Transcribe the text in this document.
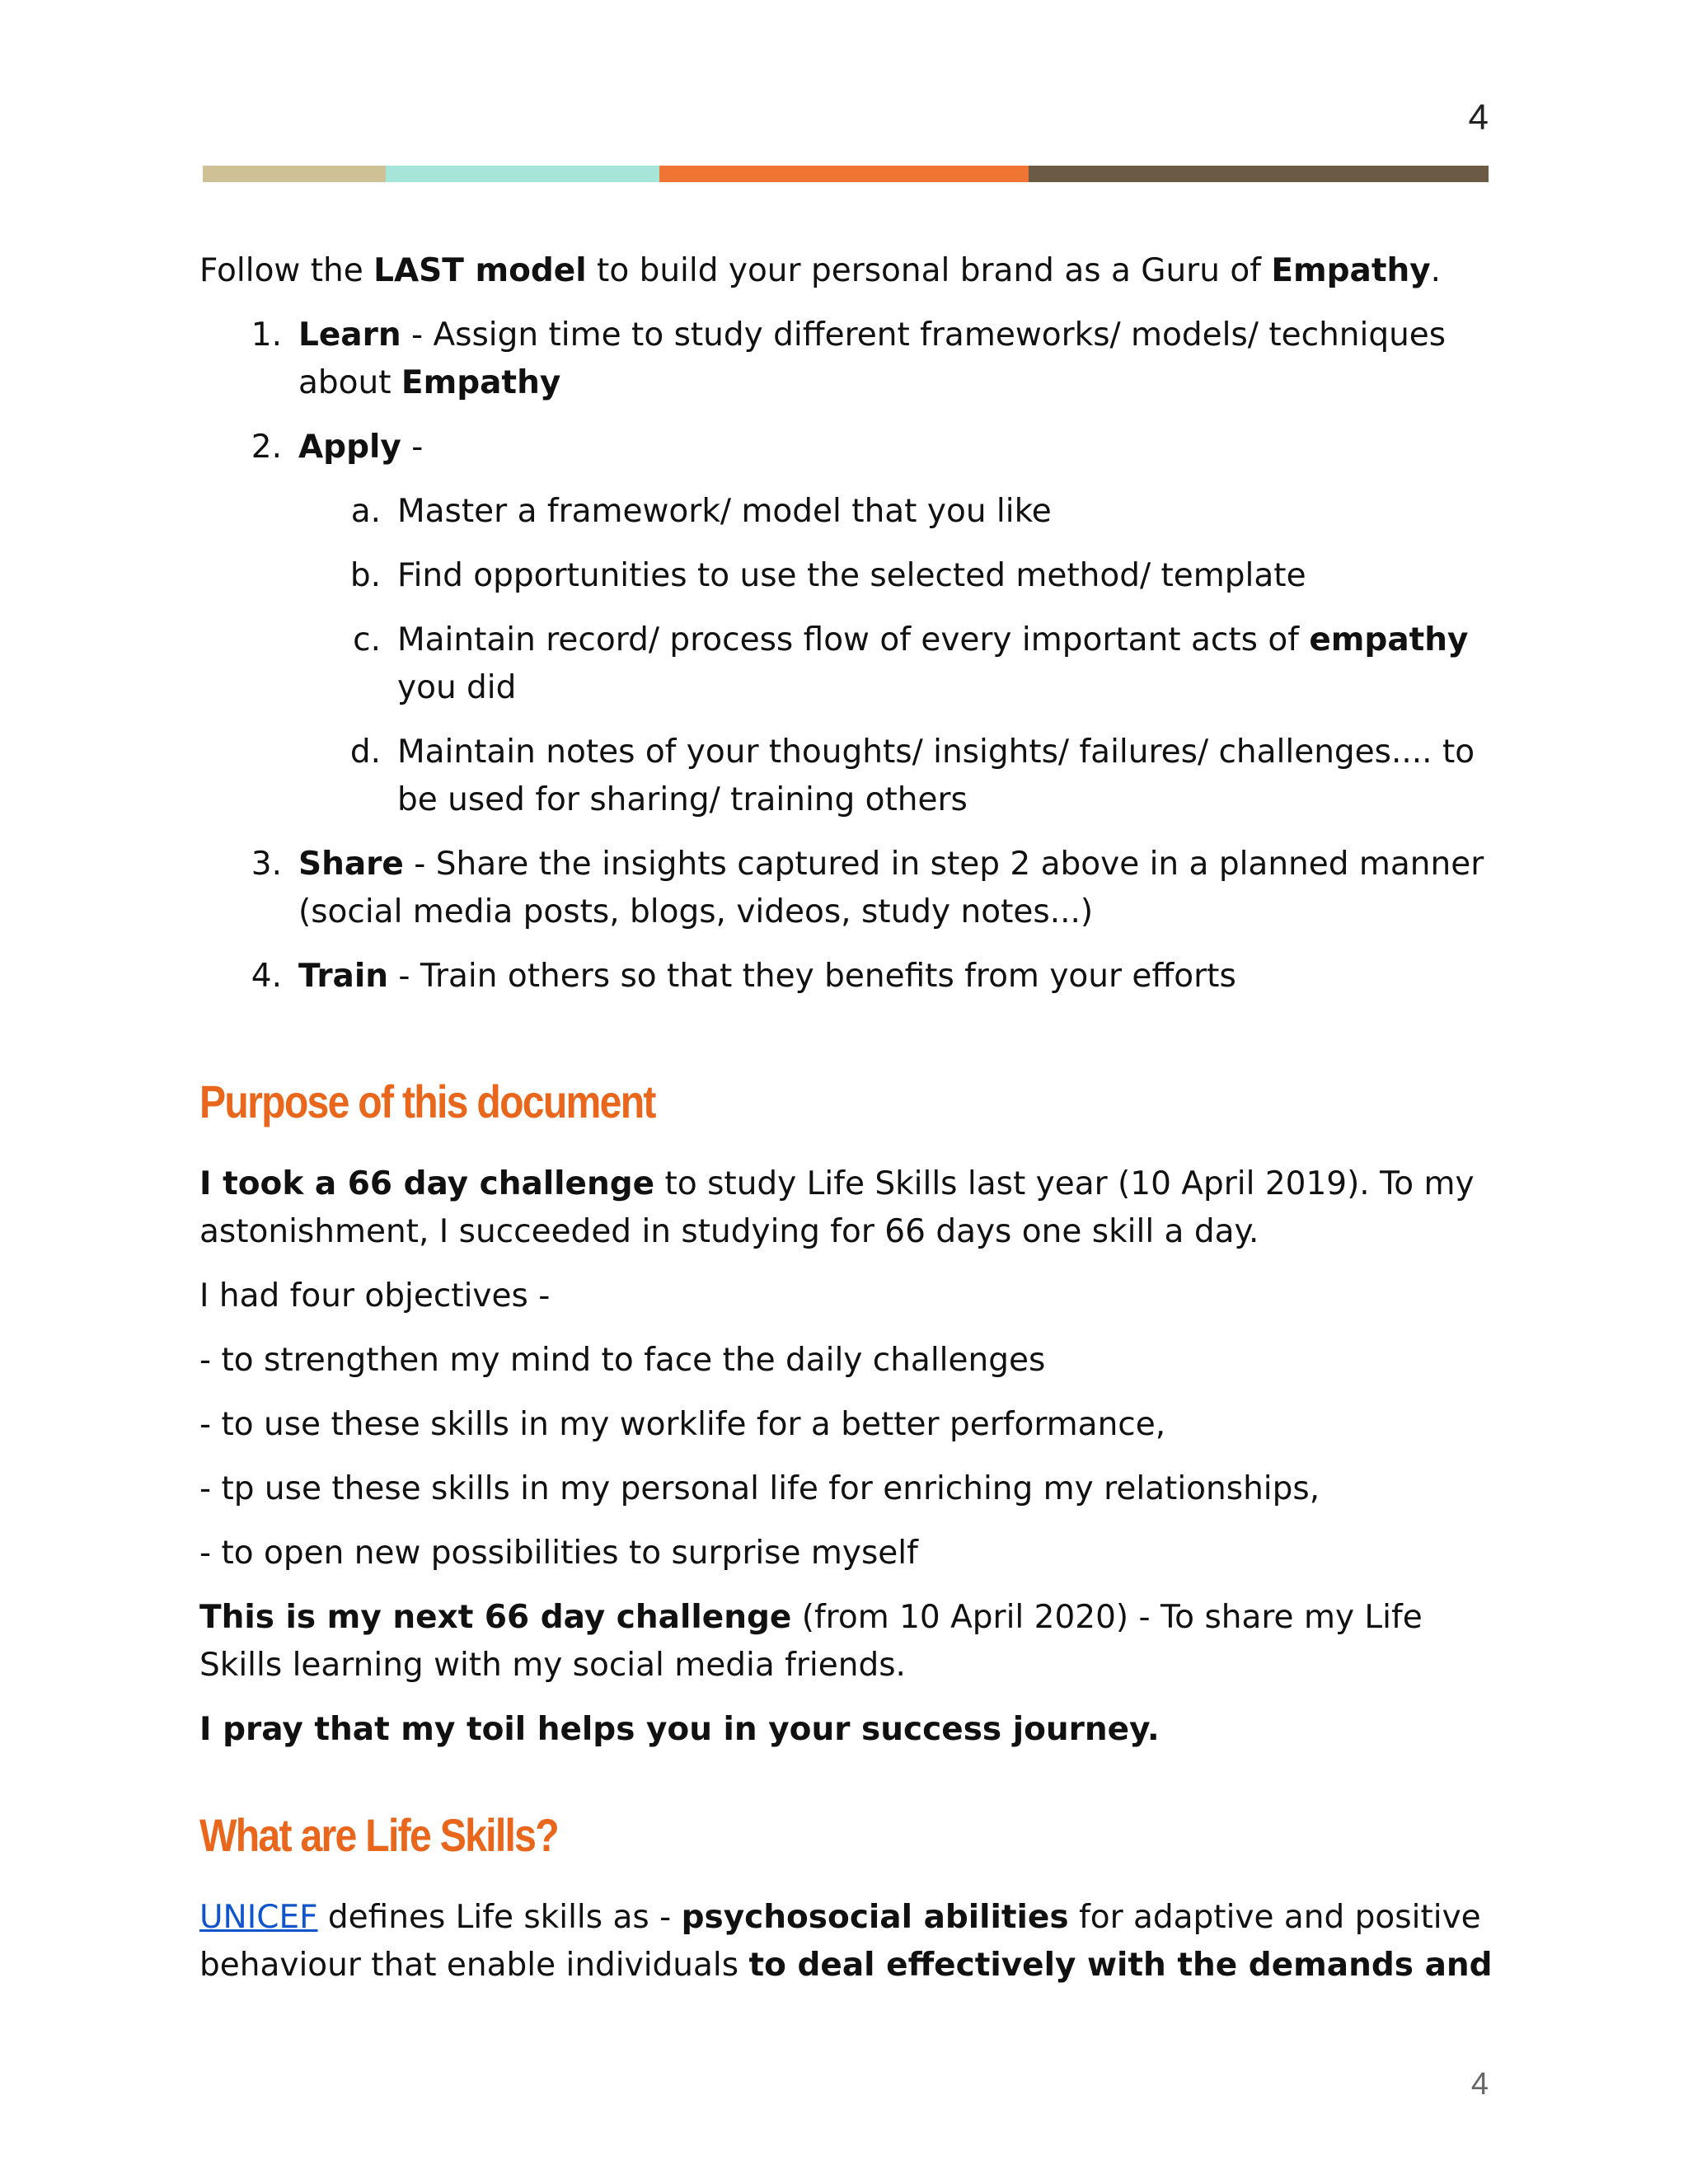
4

Follow the LAST model to build your personal brand as a Guru of Empathy.

1. Learn - Assign time to study different frameworks/ models/ techniques about Empathy
2. Apply -
a. Master a framework/ model that you like
b. Find opportunities to use the selected method/ template
c. Maintain record/ process flow of every important acts of empathy you did
d. Maintain notes of your thoughts/ insights/ failures/ challenges.... to be used for sharing/ training others
3. Share - Share the insights captured in step 2 above in a planned manner (social media posts, blogs, videos, study notes...)
4. Train - Train others so that they benefits from your efforts
Purpose of this document

I took a 66 day challenge to study Life Skills last year (10 April 2019). To my astonishment, I succeeded in studying for 66 days one skill a day.

I had four objectives -

- to strengthen my mind to face the daily challenges

- to use these skills in my worklife for a better performance,

- tp use these skills in my personal life for enriching my relationships,

- to open new possibilities to surprise myself

This is my next 66 day challenge (from 10 April 2020) - To share my Life Skills learning with my social media friends.

I pray that my toil helps you in your success journey.

What are Life Skills?

UNICEF defines Life skills as - psychosocial abilities for adaptive and positive behaviour that enable individuals to deal effectively with the demands and

4
